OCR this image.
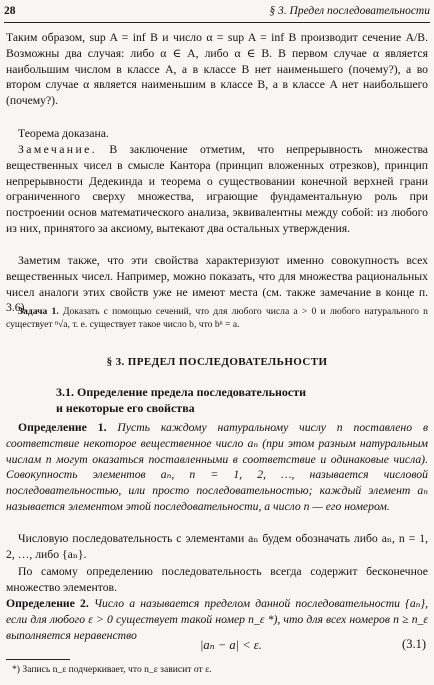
28	§ 3. Предел последовательности
Таким образом, sup A = inf B и число α = sup A = inf B производит сечение A/B. Возможны два случая: либо α ∈ A, либо α ∈ B. В первом случае α является наибольшим числом в классе A, а в классе B нет наименьшего (почему?), а во втором случае α является наименьшим в классе B, а в классе A нет наибольшего (почему?).
Теорема доказана.
Замечание. В заключение отметим, что непрерывность множества вещественных чисел в смысле Кантора (принцип вложенных отрезков), принцип непрерывности Дедекинда и теорема о существовании конечной верхней грани ограниченного сверху множества, играющие фундаментальную роль при построении основ математического анализа, эквивалентны между собой: из любого из них, принятого за аксиому, вытекают два остальных утверждения.
Заметим также, что эти свойства характеризуют именно совокупность всех вещественных чисел. Например, можно показать, что для множества рациональных чисел аналоги этих свойств уже не имеют места (см. также замечание в конце п. 3.6).
Задача 1. Доказать с помощью сечений, что для любого числа a > 0 и любого натурального n существует ⁿ√a, т. е. существует такое число b, что bⁿ = a.
§ 3. ПРЕДЕЛ ПОСЛЕДОВАТЕЛЬНОСТИ
3.1. Определение предела последовательности
и некоторые его свойства
Определение 1. Пусть каждому натуральному числу n поставлено в соответствие некоторое вещественное число aₙ (при этом разным натуральным числам n могут оказаться поставленными в соответствие и одинаковые числа). Совокупность элементов aₙ, n = 1, 2, …, называется числовой последовательностью, или просто последовательностью; каждый элемент aₙ называется элементом этой последовательности, а число n — его номером.
Числовую последовательность с элементами aₙ будем обозначать либо aₙ, n = 1, 2, …, либо {aₙ}.
По самому определению последовательность всегда содержит бесконечное множество элементов.
Определение 2. Число a называется пределом данной последовательности {aₙ}, если для любого ε > 0 существует такой номер n_ε *), что для всех номеров n ≥ n_ε выполняется неравенство
|aₙ − a| < ε.	(3.1)
*) Запись n_ε подчеркивает, что n_ε зависит от ε.
